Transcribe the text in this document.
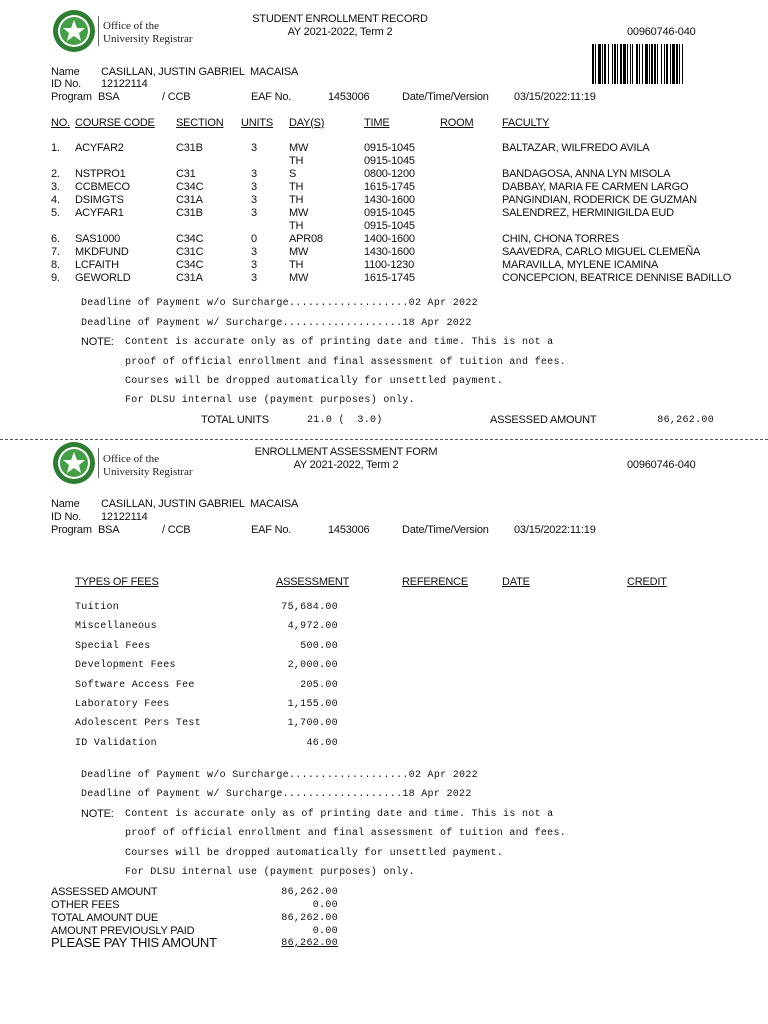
Office of the
University Registrar
STUDENT ENROLLMENT RECORD
AY 2021-2022, Term 2	00960746-040
Name CASILLAN, JUSTIN GABRIEL  MACAISA
ID No. 12122114
Program BSA	/ CCB	EAF No.	1453006	Date/Time/Version 03/15/2022:11:19
NO. COURSE CODE SECTION UNITS DAY(S)	TIME	ROOM	FACULTY
1. ACYFAR2	C31B	3	MW	0915-1045	BALTAZAR, WILFREDO AVILA
TH	0915-1045
2. NSTPRO1	C31	3	S	0800-1200	BANDAGOSA, ANNA LYN MISOLA
3. CCBMECO	C34C	3	TH	1615-1745	DABBAY, MARIA FE CARMEN LARGO
4. DSIMGTS	C31A	3	TH	1430-1600	PANGINDIAN, RODERICK DE GUZMAN
5. ACYFAR1	C31B	3	MW	0915-1045	SALENDREZ, HERMINIGILDA EUD
TH	0915-1045
6. SAS1000	C34C	0	APR08	1400-1600	CHIN, CHONA TORRES
7. MKDFUND	C31C	3	MW	1430-1600	SAAVEDRA, CARLO MIGUEL CLEMEÑA
8. LCFAITH	C34C	3	TH	1100-1230	MARAVILLA, MYLENE ICAMINA
9. GEWORLD	C31A	3	MW	1615-1745	CONCEPCION, BEATRICE DENNISE BADILLO
Deadline of Payment w/o Surcharge...................02 Apr 2022
Deadline of Payment w/ Surcharge...................18 Apr 2022
NOTE: Content is accurate only as of printing date and time. This is not a
proof of official enrollment and final assessment of tuition and fees.
Courses will be dropped automatically for unsettled payment.
For DLSU internal use (payment purposes) only.
TOTAL UNITS	21.0 (  3.0)	ASSESSED AMOUNT	86,262.00
Office of the
University Registrar
ENROLLMENT ASSESSMENT FORM
AY 2021-2022, Term 2	00960746-040
Name CASILLAN, JUSTIN GABRIEL  MACAISA
ID No. 12122114
Program BSA	/ CCB	EAF No.	1453006	Date/Time/Version 03/15/2022:11:19
TYPES OF FEES	ASSESSMENT	REFERENCE	DATE	CREDIT
Tuition	75,684.00
Miscellaneous	4,972.00
Special Fees	500.00
Development Fees	2,000.00
Software Access Fee	205.00
Laboratory Fees	1,155.00
Adolescent Pers Test	1,700.00
ID Validation	46.00
Deadline of Payment w/o Surcharge...................02 Apr 2022
Deadline of Payment w/ Surcharge...................18 Apr 2022
NOTE: Content is accurate only as of printing date and time. This is not a
proof of official enrollment and final assessment of tuition and fees.
Courses will be dropped automatically for unsettled payment.
For DLSU internal use (payment purposes) only.
ASSESSED AMOUNT	86,262.00
OTHER FEES	0.00
TOTAL AMOUNT DUE	86,262.00
AMOUNT PREVIOUSLY PAID	0.00
PLEASE PAY THIS AMOUNT	86,262.00
